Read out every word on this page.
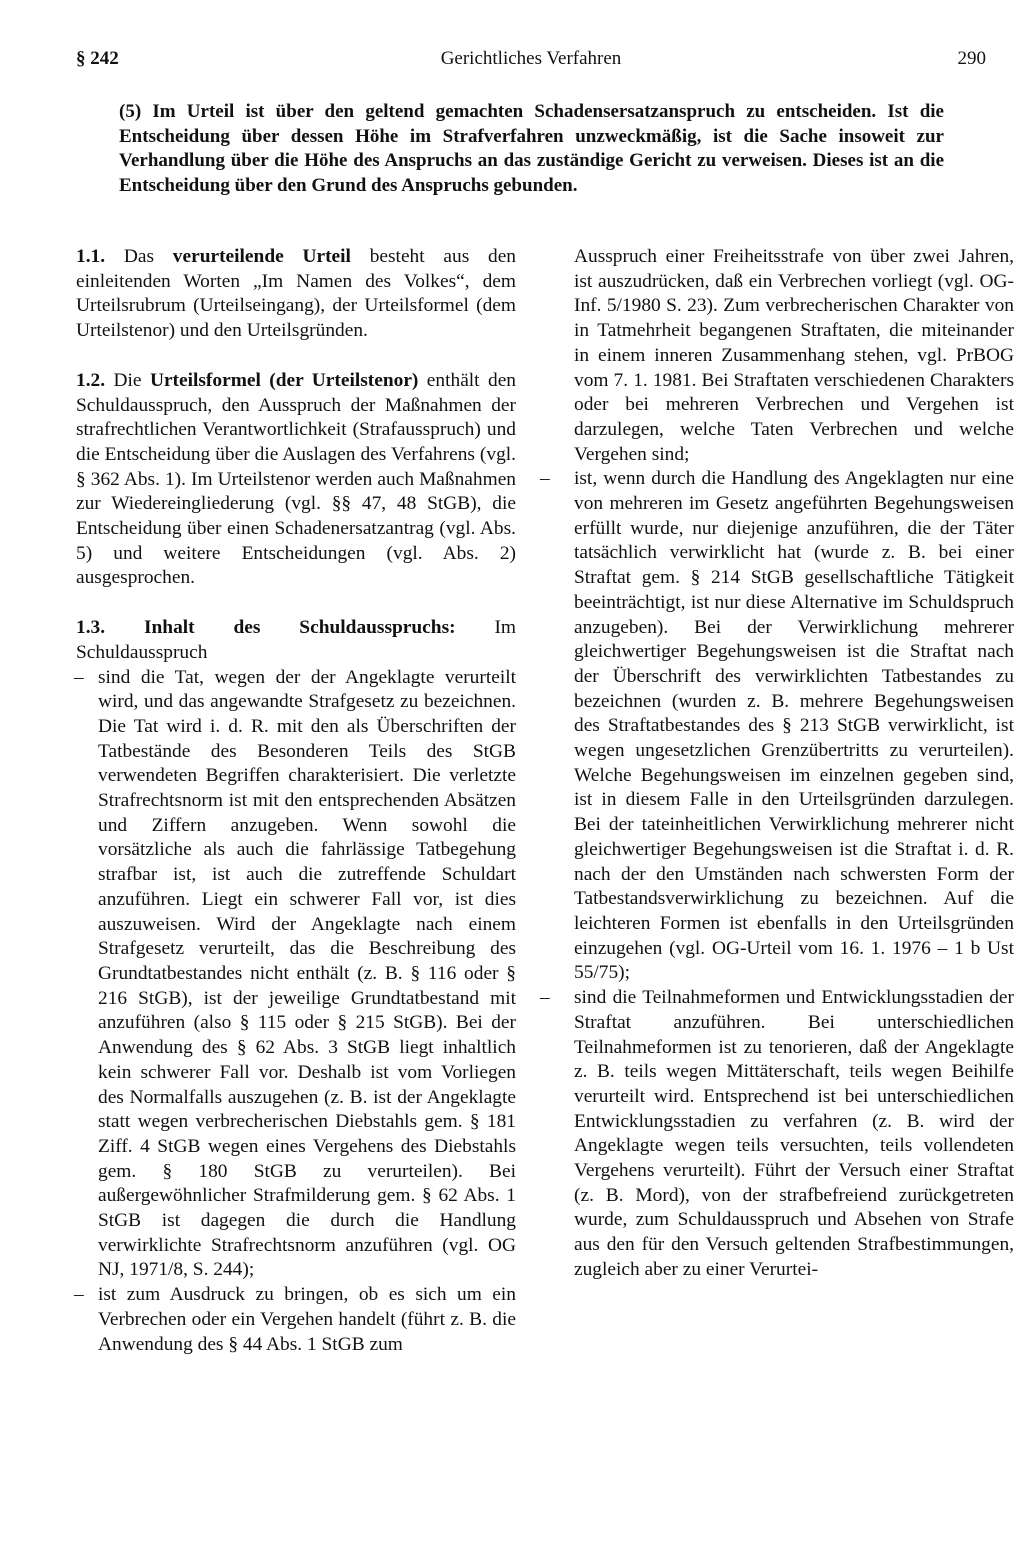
§ 242	Gerichtliches Verfahren	290
(5) Im Urteil ist über den geltend gemachten Schadensersatzanspruch zu entscheiden. Ist die Entscheidung über dessen Höhe im Strafverfahren unzweckmäßig, ist die Sache insoweit zur Verhandlung über die Höhe des Anspruchs an das zuständige Gericht zu verweisen. Dieses ist an die Entscheidung über den Grund des Anspruchs gebunden.

1.1. Das verurteilende Urteil besteht aus den einleitenden Worten „Im Namen des Volkes“, dem Urteilsrubrum (Urteilseingang), der Urteilsformel (dem Urteilstenor) und den Urteilsgründen.

1.2. Die Urteilsformel (der Urteilstenor) enthält den Schuldausspruch, den Ausspruch der Maßnahmen der strafrechtlichen Verantwortlichkeit (Strafausspruch) und die Entscheidung über die Auslagen des Verfahrens (vgl. § 362 Abs. 1). Im Urteilstenor werden auch Maßnahmen zur Wiedereingliederung (vgl. §§ 47, 48 StGB), die Entscheidung über einen Schadenersatzantrag (vgl. Abs. 5) und weitere Entscheidungen (vgl. Abs. 2) ausgesprochen.

1.3. Inhalt des Schuldausspruchs: Im Schuldausspruch

– sind die Tat, wegen der der Angeklagte verurteilt wird, und das angewandte Strafgesetz zu bezeichnen. Die Tat wird i. d. R. mit den als Überschriften der Tatbestände des Besonderen Teils des StGB verwendeten Begriffen charakterisiert. Die verletzte Strafrechtsnorm ist mit den entsprechenden Absätzen und Ziffern anzugeben. Wenn sowohl die vorsätzliche als auch die fahrlässige Tatbegehung strafbar ist, ist auch die zutreffende Schuldart anzuführen. Liegt ein schwerer Fall vor, ist dies auszuweisen. Wird der Angeklagte nach einem Strafgesetz verurteilt, das die Beschreibung des Grundtatbestandes nicht enthält (z. B. § 116 oder § 216 StGB), ist der jeweilige Grundtatbestand mit anzuführen (also § 115 oder § 215 StGB). Bei der Anwendung des § 62 Abs. 3 StGB liegt inhaltlich kein schwerer Fall vor. Deshalb ist vom Vorliegen des Normalfalls auszugehen (z. B. ist der Angeklagte statt wegen verbrecherischen Diebstahls gem. § 181 Ziff. 4 StGB wegen eines Vergehens des Diebstahls gem. § 180 StGB zu verurteilen). Bei außergewöhnlicher Strafmilderung gem. § 62 Abs. 1 StGB ist dagegen die durch die Handlung verwirklichte Strafrechtsnorm anzuführen (vgl. OG NJ, 1971/8, S. 244);

– ist zum Ausdruck zu bringen, ob es sich um ein Verbrechen oder ein Vergehen handelt (führt z. B. die Anwendung des § 44 Abs. 1 StGB zum

Ausspruch einer Freiheitsstrafe von über zwei Jahren, ist auszudrücken, daß ein Verbrechen vorliegt (vgl. OG-Inf. 5/1980 S. 23). Zum verbrecherischen Charakter von in Tatmehrheit begangenen Straftaten, die miteinander in einem inneren Zusammenhang stehen, vgl. PrBOG vom 7. 1. 1981. Bei Straftaten verschiedenen Charakters oder bei mehreren Verbrechen und Vergehen ist darzulegen, welche Taten Verbrechen und welche Vergehen sind;

– ist, wenn durch die Handlung des Angeklagten nur eine von mehreren im Gesetz angeführten Begehungsweisen erfüllt wurde, nur diejenige anzuführen, die der Täter tatsächlich verwirklicht hat (wurde z. B. bei einer Straftat gem. § 214 StGB gesellschaftliche Tätigkeit beeinträchtigt, ist nur diese Alternative im Schuldspruch anzugeben). Bei der Verwirklichung mehrerer gleichwertiger Begehungsweisen ist die Straftat nach der Überschrift des verwirklichten Tatbestandes zu bezeichnen (wurden z. B. mehrere Begehungsweisen des Straftatbestandes des § 213 StGB verwirklicht, ist wegen ungesetzlichen Grenzübertritts zu verurteilen). Welche Begehungsweisen im einzelnen gegeben sind, ist in diesem Falle in den Urteilsgründen darzulegen. Bei der tateinheitlichen Verwirklichung mehrerer nicht gleichwertiger Begehungsweisen ist die Straftat i. d. R. nach der den Umständen nach schwersten Form der Tatbestandsverwirklichung zu bezeichnen. Auf die leichteren Formen ist ebenfalls in den Urteilsgründen einzugehen (vgl. OG-Urteil vom 16. 1. 1976 – 1 b Ust 55/75);

– sind die Teilnahmeformen und Entwicklungsstadien der Straftat anzuführen. Bei unterschiedlichen Teilnahmeformen ist zu tenorieren, daß der Angeklagte z. B. teils wegen Mittäterschaft, teils wegen Beihilfe verurteilt wird. Entsprechend ist bei unterschiedlichen Entwicklungsstadien zu verfahren (z. B. wird der Angeklagte wegen teils versuchten, teils vollendeten Vergehens verurteilt). Führt der Versuch einer Straftat (z. B. Mord), von der strafbefreiend zurückgetreten wurde, zum Schuldausspruch und Absehen von Strafe aus den für den Versuch geltenden Strafbestimmungen, zugleich aber zu einer Verurtei-
